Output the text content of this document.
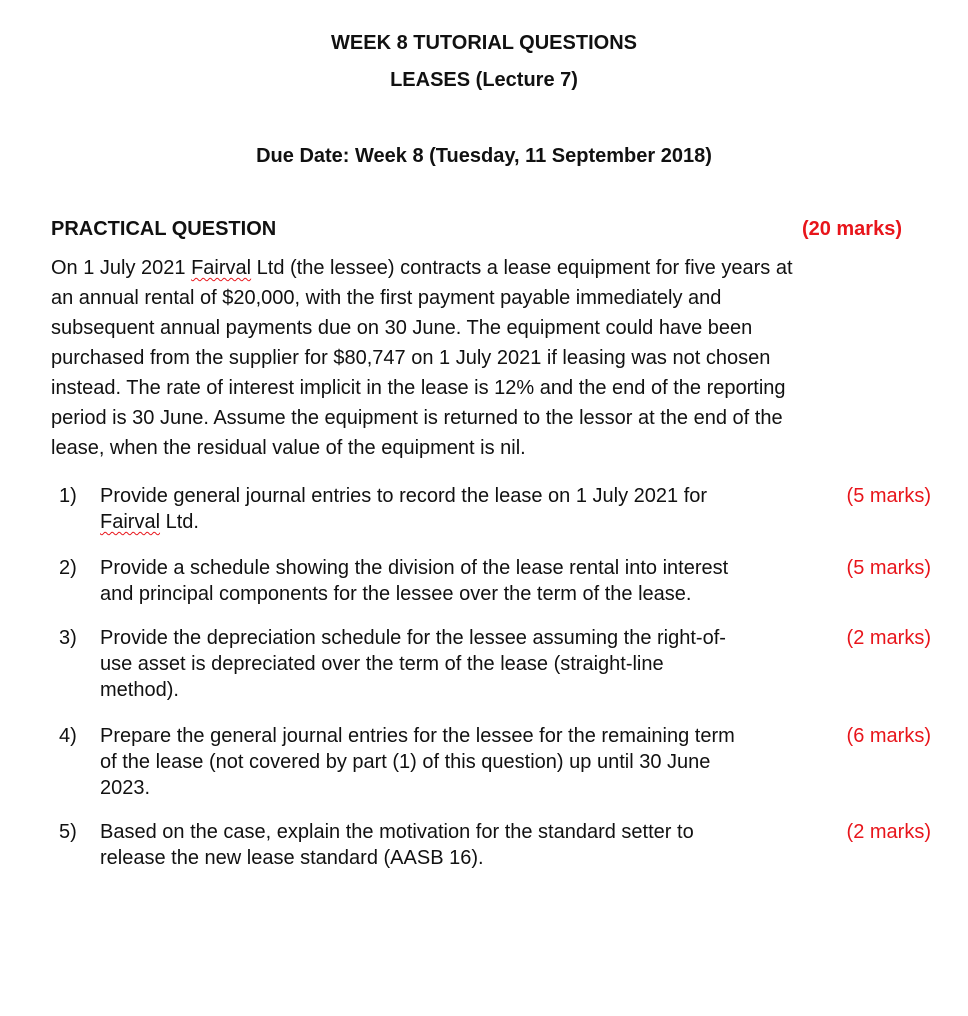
WEEK 8 TUTORIAL QUESTIONS
LEASES (Lecture 7)
Due Date: Week 8 (Tuesday, 11 September 2018)
PRACTICAL QUESTION	(20 marks)
On 1 July 2021 Fairval Ltd (the lessee) contracts a lease equipment for five years at
an annual rental of $20,000, with the first payment payable immediately and
subsequent annual payments due on 30 June. The equipment could have been
purchased from the supplier for $80,747 on 1 July 2021 if leasing was not chosen
instead. The rate of interest implicit in the lease is 12% and the end of the reporting
period is 30 June. Assume the equipment is returned to the lessor at the end of the
lease, when the residual value of the equipment is nil.
1) Provide general journal entries to record the lease on 1 July 2021 for
Fairval Ltd.
(5 marks)
2) Provide a schedule showing the division of the lease rental into interest
and principal components for the lessee over the term of the lease.
(5 marks)
3) Provide the depreciation schedule for the lessee assuming the right-of-
use asset is depreciated over the term of the lease (straight-line
method).
(2 marks)
4) Prepare the general journal entries for the lessee for the remaining term
of the lease (not covered by part (1) of this question) up until 30 June
2023.
(6 marks)
5) Based on the case, explain the motivation for the standard setter to
release the new lease standard (AASB 16).
(2 marks)
